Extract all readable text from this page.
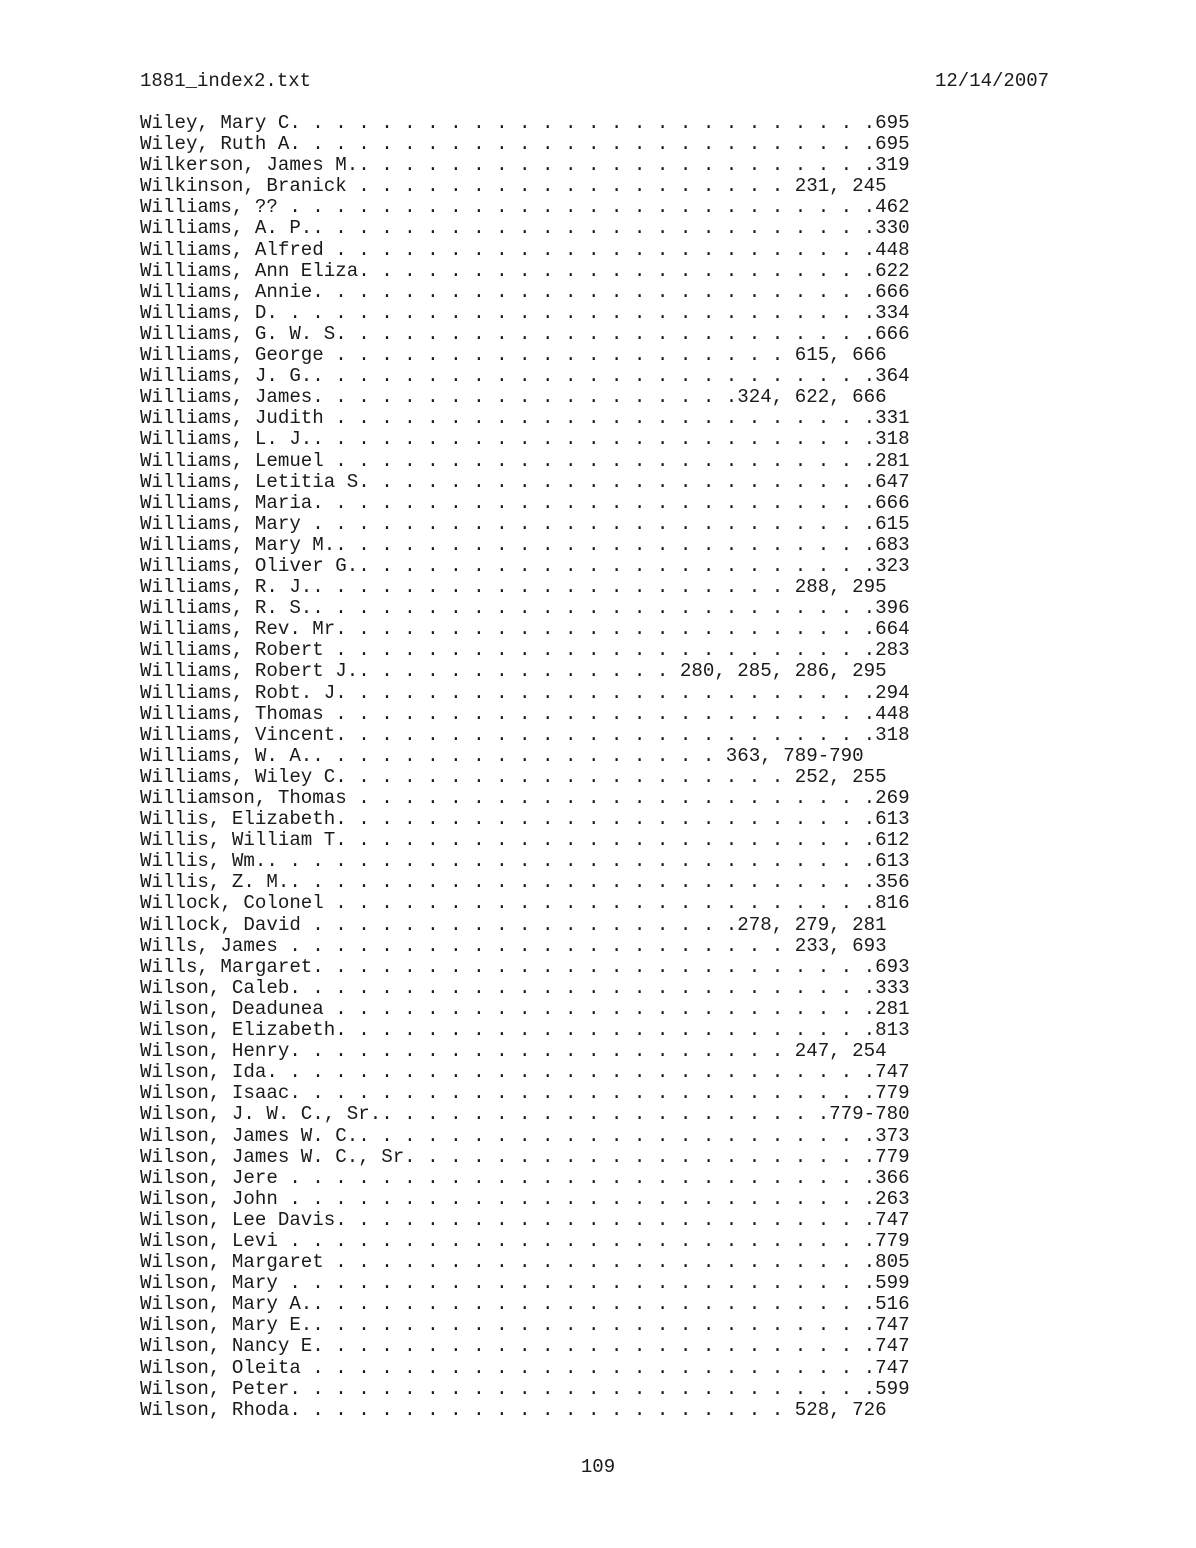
1881_index2.txt	12/14/2007
Wiley, Mary C. . . . . . . . . . . . . . . . . . . . . . . . . .695
Wiley, Ruth A. . . . . . . . . . . . . . . . . . . . . . . . . .695
Wilkerson, James M.. . . . . . . . . . . . . . . . . . . . . . .319
Wilkinson, Branick . . . . . . . . . . . . . . . . . . . 231, 245
Williams, ?? . . . . . . . . . . . . . . . . . . . . . . . . . .462
Williams, A. P.. . . . . . . . . . . . . . . . . . . . . . . . .330
Williams, Alfred . . . . . . . . . . . . . . . . . . . . . . . .448
Williams, Ann Eliza. . . . . . . . . . . . . . . . . . . . . . .622
Williams, Annie. . . . . . . . . . . . . . . . . . . . . . . . .666
Williams, D. . . . . . . . . . . . . . . . . . . . . . . . . . .334
Williams, G. W. S. . . . . . . . . . . . . . . . . . . . . . . .666
Williams, George . . . . . . . . . . . . . . . . . . . . 615, 666
Williams, J. G.. . . . . . . . . . . . . . . . . . . . . . . . .364
Williams, James. . . . . . . . . . . . . . . . . . .324, 622, 666
Williams, Judith . . . . . . . . . . . . . . . . . . . . . . . .331
Williams, L. J.. . . . . . . . . . . . . . . . . . . . . . . . .318
Williams, Lemuel . . . . . . . . . . . . . . . . . . . . . . . .281
Williams, Letitia S. . . . . . . . . . . . . . . . . . . . . . .647
Williams, Maria. . . . . . . . . . . . . . . . . . . . . . . . .666
Williams, Mary . . . . . . . . . . . . . . . . . . . . . . . . .615
Williams, Mary M.. . . . . . . . . . . . . . . . . . . . . . . .683
Williams, Oliver G.. . . . . . . . . . . . . . . . . . . . . . .323
Williams, R. J.. . . . . . . . . . . . . . . . . . . . . 288, 295
Williams, R. S.. . . . . . . . . . . . . . . . . . . . . . . . .396
Williams, Rev. Mr. . . . . . . . . . . . . . . . . . . . . . . .664
Williams, Robert . . . . . . . . . . . . . . . . . . . . . . . .283
Williams, Robert J.. . . . . . . . . . . . . . 280, 285, 286, 295
Williams, Robt. J. . . . . . . . . . . . . . . . . . . . . . . .294
Williams, Thomas . . . . . . . . . . . . . . . . . . . . . . . .448
Williams, Vincent. . . . . . . . . . . . . . . . . . . . . . . .318
Williams, W. A.. . . . . . . . . . . . . . . . . . 363, 789-790
Williams, Wiley C. . . . . . . . . . . . . . . . . . . . 252, 255
Williamson, Thomas . . . . . . . . . . . . . . . . . . . . . . .269
Willis, Elizabeth. . . . . . . . . . . . . . . . . . . . . . . .613
Willis, William T. . . . . . . . . . . . . . . . . . . . . . . .612
Willis, Wm.. . . . . . . . . . . . . . . . . . . . . . . . . . .613
Willis, Z. M.. . . . . . . . . . . . . . . . . . . . . . . . . .356
Willock, Colonel . . . . . . . . . . . . . . . . . . . . . . . .816
Willock, David . . . . . . . . . . . . . . . . . . .278, 279, 281
Wills, James . . . . . . . . . . . . . . . . . . . . . . 233, 693
Wills, Margaret. . . . . . . . . . . . . . . . . . . . . . . . .693
Wilson, Caleb. . . . . . . . . . . . . . . . . . . . . . . . . .333
Wilson, Deadunea . . . . . . . . . . . . . . . . . . . . . . . .281
Wilson, Elizabeth. . . . . . . . . . . . . . . . . . . . . . . .813
Wilson, Henry. . . . . . . . . . . . . . . . . . . . . . 247, 254
Wilson, Ida. . . . . . . . . . . . . . . . . . . . . . . . . . .747
Wilson, Isaac. . . . . . . . . . . . . . . . . . . . . . . . . .779
Wilson, J. W. C., Sr.. . . . . . . . . . . . . . . . . . . .779-780
Wilson, James W. C.. . . . . . . . . . . . . . . . . . . . . . .373
Wilson, James W. C., Sr. . . . . . . . . . . . . . . . . . . . .779
Wilson, Jere . . . . . . . . . . . . . . . . . . . . . . . . . .366
Wilson, John . . . . . . . . . . . . . . . . . . . . . . . . . .263
Wilson, Lee Davis. . . . . . . . . . . . . . . . . . . . . . . .747
Wilson, Levi . . . . . . . . . . . . . . . . . . . . . . . . . .779
Wilson, Margaret . . . . . . . . . . . . . . . . . . . . . . . .805
Wilson, Mary . . . . . . . . . . . . . . . . . . . . . . . . . .599
Wilson, Mary A.. . . . . . . . . . . . . . . . . . . . . . . . .516
Wilson, Mary E.. . . . . . . . . . . . . . . . . . . . . . . . .747
Wilson, Nancy E. . . . . . . . . . . . . . . . . . . . . . . . .747
Wilson, Oleita . . . . . . . . . . . . . . . . . . . . . . . . .747
Wilson, Peter. . . . . . . . . . . . . . . . . . . . . . . . . .599
Wilson, Rhoda. . . . . . . . . . . . . . . . . . . . . . 528, 726
109
